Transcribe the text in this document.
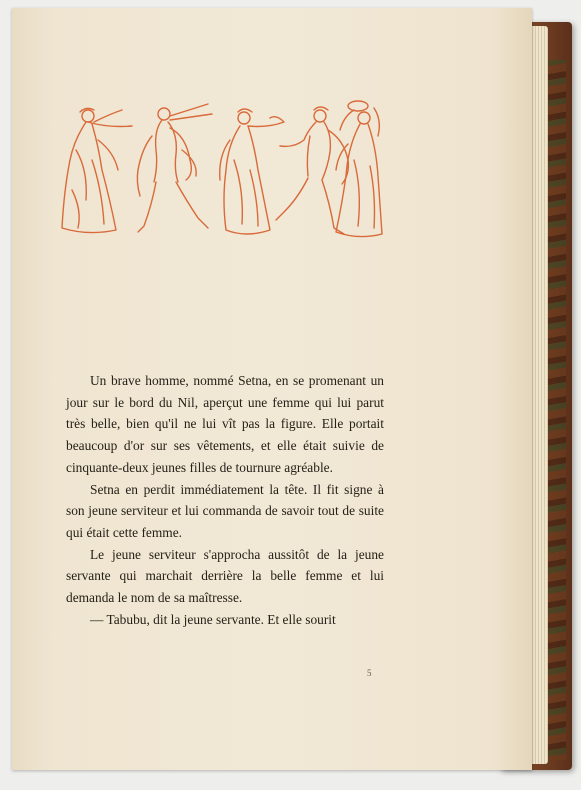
Un brave homme, nommé Setna, en se promenant un jour sur le bord du Nil, aperçut une femme qui lui parut très belle, bien qu'il ne lui vît pas la figure. Elle portait beaucoup d'or sur ses vêtements, et elle était suivie de cinquante-deux jeunes filles de tournure agréable.

Setna en perdit immédiatement la tête. Il fit signe à son jeune serviteur et lui commanda de savoir tout de suite qui était cette femme.

Le jeune serviteur s'approcha aussitôt de la jeune servante qui marchait derrière la belle femme et lui demanda le nom de sa maîtresse.

— Tabubu, dit la jeune servante. Et elle sourit

5
